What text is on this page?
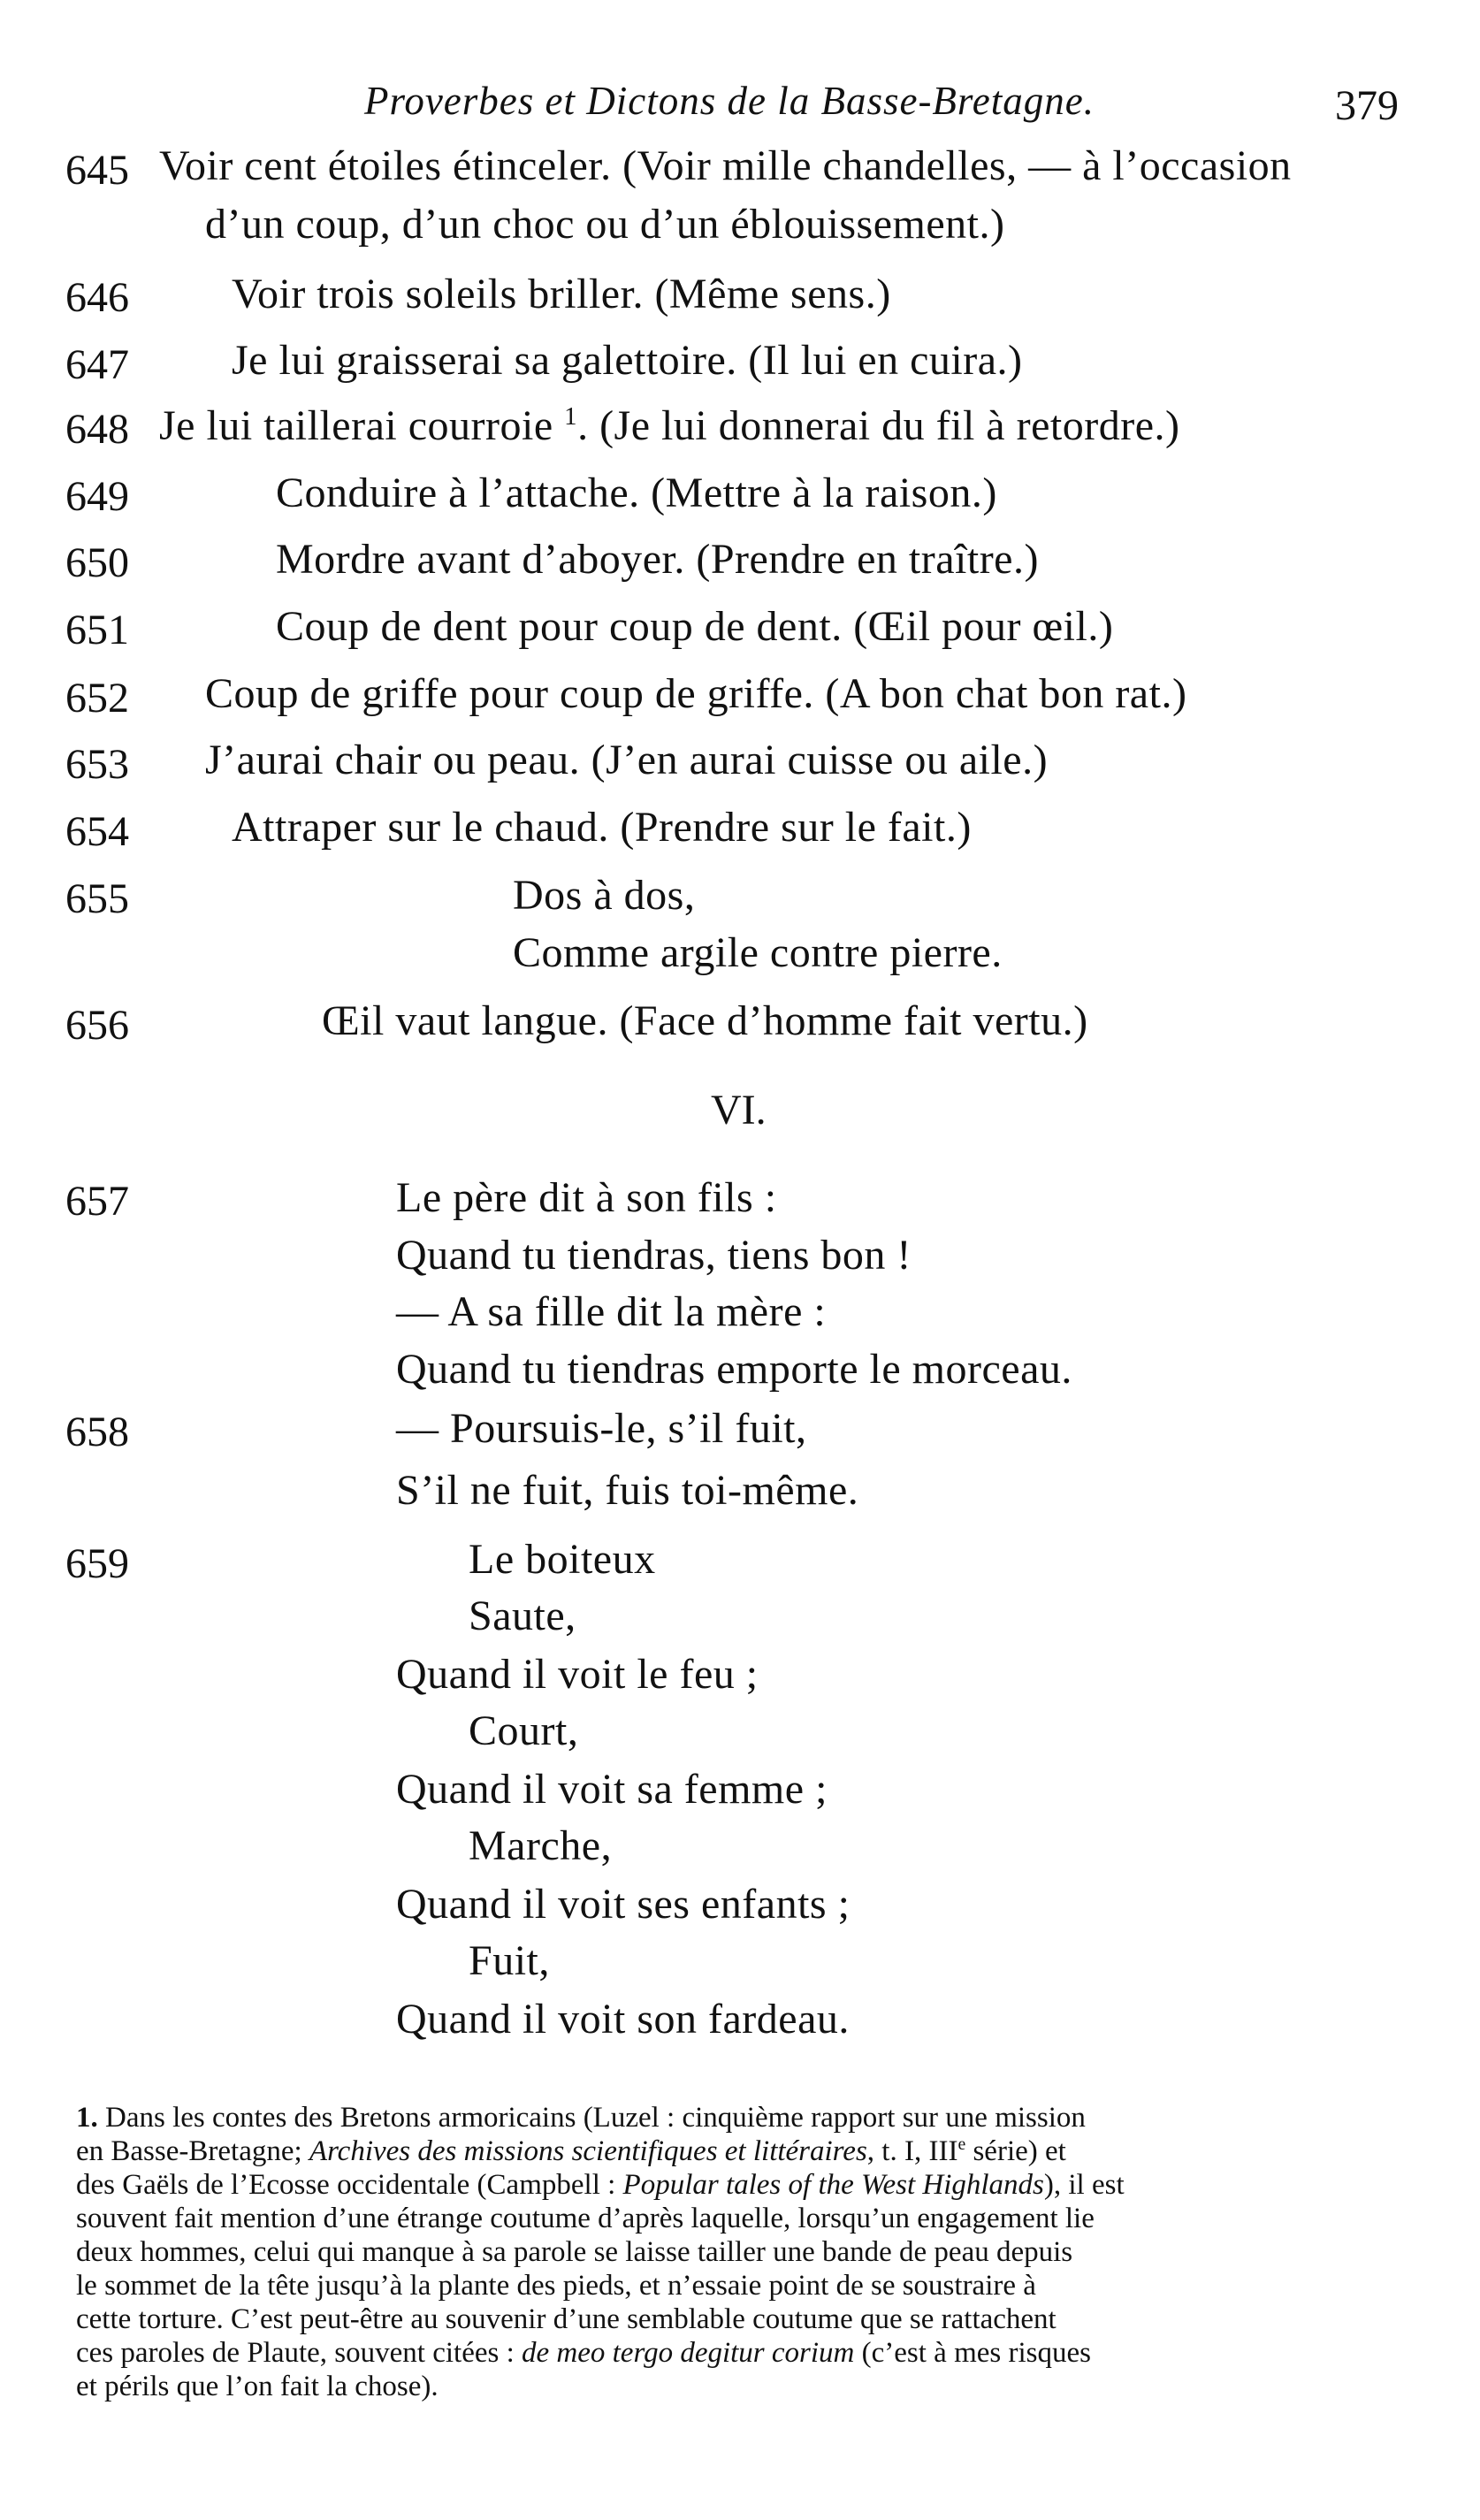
Proverbes et Dictons de la Basse-Bretagne.	379
645 Voir cent étoiles étinceler. (Voir mille chandelles, — à l’occasion
d’un coup, d’un choc ou d’un éblouissement.)
646 Voir trois soleils briller. (Même sens.)
647 Je lui graisserai sa galettoire. (Il lui en cuira.)
648 Je lui taillerai courroie $^1$. (Je lui donnerai du fil à retordre.)
649	Conduire à l’attache. (Mettre à la raison.)
650	Mordre avant d’aboyer. (Prendre en traître.)
651	Coup de dent pour coup de dent. (Œil pour œil.)
652 Coup de griffe pour coup de griffe. (A bon chat bon rat.)
653 J’aurai chair ou peau. (J’en aurai cuisse ou aile.)
654 Attraper sur le chaud. (Prendre sur le fait.)
655	Dos à dos,
Comme argile contre pierre.
656	Œil vaut langue. (Face d’homme fait vertu.)
VI.
657	Le père dit à son fils :
Quand tu tiendras, tiens bon !
— A sa fille dit la mère :
Quand tu tiendras emporte le morceau.
658	— Poursuis-le, s’il fuit,
S’il ne fuit, fuis toi-même.
659	Le boiteux
Saute,
Quand il voit le feu ;
Court,
Quand il voit sa femme ;
Marche,
Quand il voit ses enfants ;
Fuit,
Quand il voit son fardeau.
1. Dans les contes des Bretons armoricains (Luzel : cinquième rapport sur une mission
en Basse-Bretagne; Archives des missions scientifiques et littéraires, t. I, IIIe série) et
des Gaëls de l’Ecosse occidentale (Campbell : Popular tales of the West Highlands), il est
souvent fait mention d’une étrange coutume d’après laquelle, lorsqu’un engagement lie
deux hommes, celui qui manque à sa parole se laisse tailler une bande de peau depuis
le sommet de la tête jusqu’à la plante des pieds, et n’essaie point de se soustraire à
cette torture. C’est peut-être au souvenir d’une semblable coutume que se rattachent
ces paroles de Plaute, souvent citées : de meo tergo degitur corium (c’est à mes risques
et périls que l’on fait la chose).
